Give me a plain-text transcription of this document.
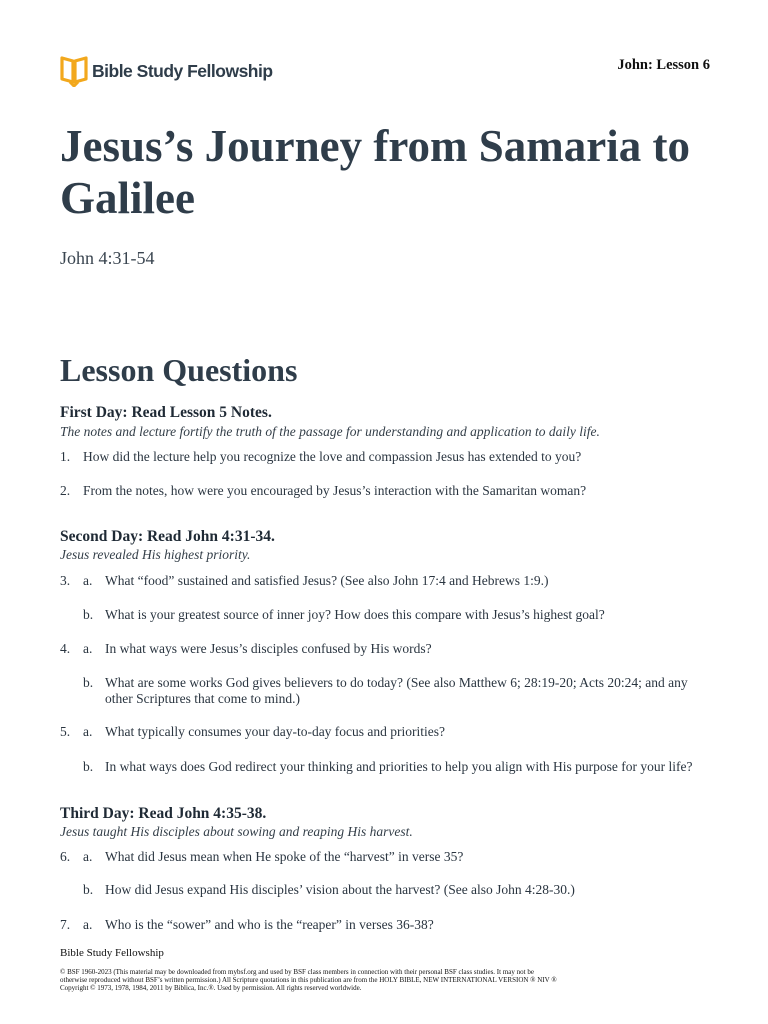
Bible Study Fellowship	John: Lesson 6
Jesus’s Journey from Samaria to Galilee

John 4:31-54

Lesson Questions

First Day: Read Lesson 5 Notes.

The notes and lecture fortify the truth of the passage for understanding and application to daily life.

1. How did the lecture help you recognize the love and compassion Jesus has extended to you?
2. From the notes, how were you encouraged by Jesus’s interaction with the Samaritan woman?

Second Day: Read John 4:31-34.

Jesus revealed His highest priority.

3. a. What “food” sustained and satisfied Jesus? (See also John 17:4 and Hebrews 1:9.)
b. What is your greatest source of inner joy? How does this compare with Jesus’s highest goal?
4. a. In what ways were Jesus’s disciples confused by His words?
b. What are some works God gives believers to do today? (See also Matthew 6; 28:19-20; Acts 20:24; and any other Scriptures that come to mind.)
5. a. What typically consumes your day-to-day focus and priorities?
b. In what ways does God redirect your thinking and priorities to help you align with His purpose for your life?

Third Day: Read John 4:35-38.

Jesus taught His disciples about sowing and reaping His harvest.

6. a. What did Jesus mean when He spoke of the “harvest” in verse 35?
b. How did Jesus expand His disciples’ vision about the harvest? (See also John 4:28-30.)
7. a. Who is the “sower” and who is the “reaper” in verses 36-38?
Bible Study Fellowship
© BSF 1960-2023 (This material may be downloaded from mybsf.org and used by BSF class members in connection with their personal BSF class studies. It may not be otherwise reproduced without BSF’s written permission.) All Scripture quotations in this publication are from the HOLY BIBLE, NEW INTERNATIONAL VERSION ® NIV ® Copyright © 1973, 1978, 1984, 2011 by Biblica, Inc.®. Used by permission. All rights reserved worldwide.
